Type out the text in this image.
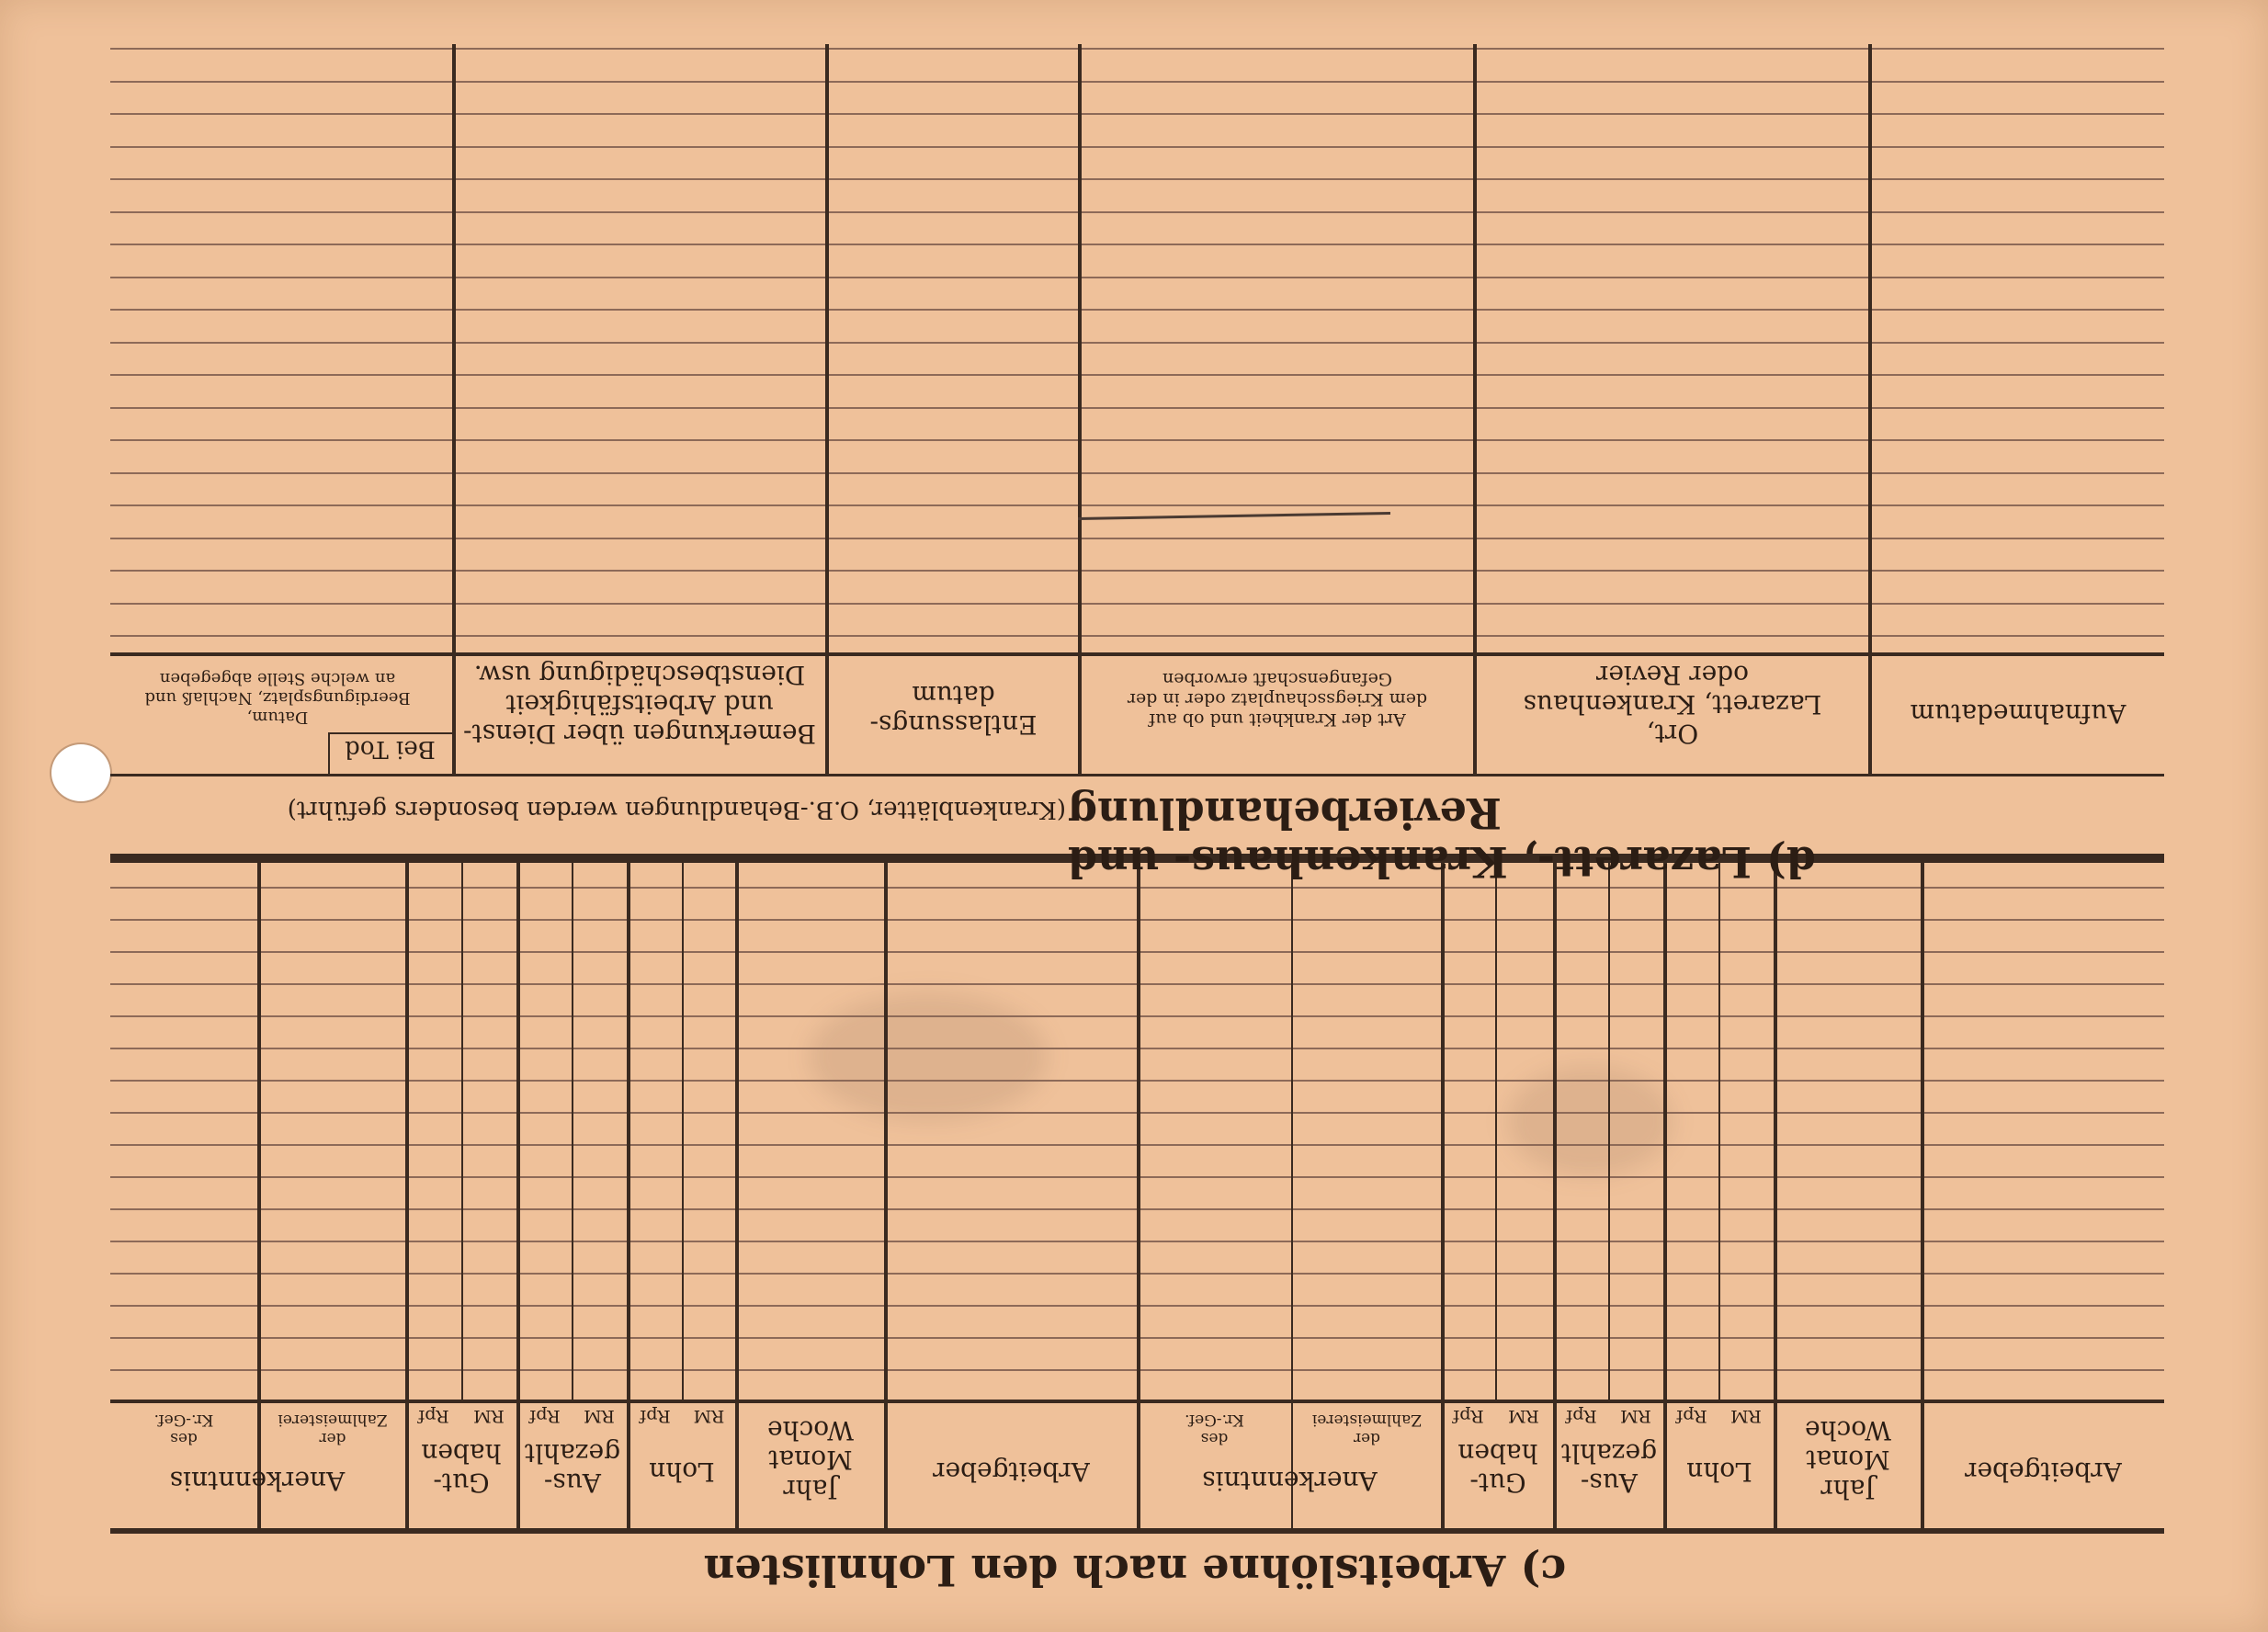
Anerkenntnis
des
Kr.-Gef.
der
Zahlmeisterei
Gut-
haben
RM
Rpf
Aus-
gezahlt
RM
Rpf
Lohn
RM
Rpf
Jahr
Monat
Woche
Arbeitgeber	Anerkenntnis
des
Kr.-Gef.
der
Zahlmeisterei
Gut-
haben
RM
Rpf
Aus-
gezahlt
RM
Rpf
Lohn
RM
Rpf
Jahr
Monat
Woche
Arbeitgeber
c) Arbeitslöhne nach den Lohnlisten
Datum,
Beerdigungsplatz, Nachlaß und
an welche Stelle abgegeben
Bei Tod	Bemerkungen über Dienst-
und Arbeitsfähigkeit
Dienstbeschädigung usw.
Entlassungs-
datum
Art der Krankheit und ob auf
dem Kriegsschauplatz oder in der
Gefangenschaft erworben
Ort,
Lazarett, Krankenhaus
oder Revier
Aufnahmedatum
(Krankenblätter, O.B.-Behandlungen werden besonders geführt)
d) Lazarett-, Krankenhaus- und Revierbehandlung
